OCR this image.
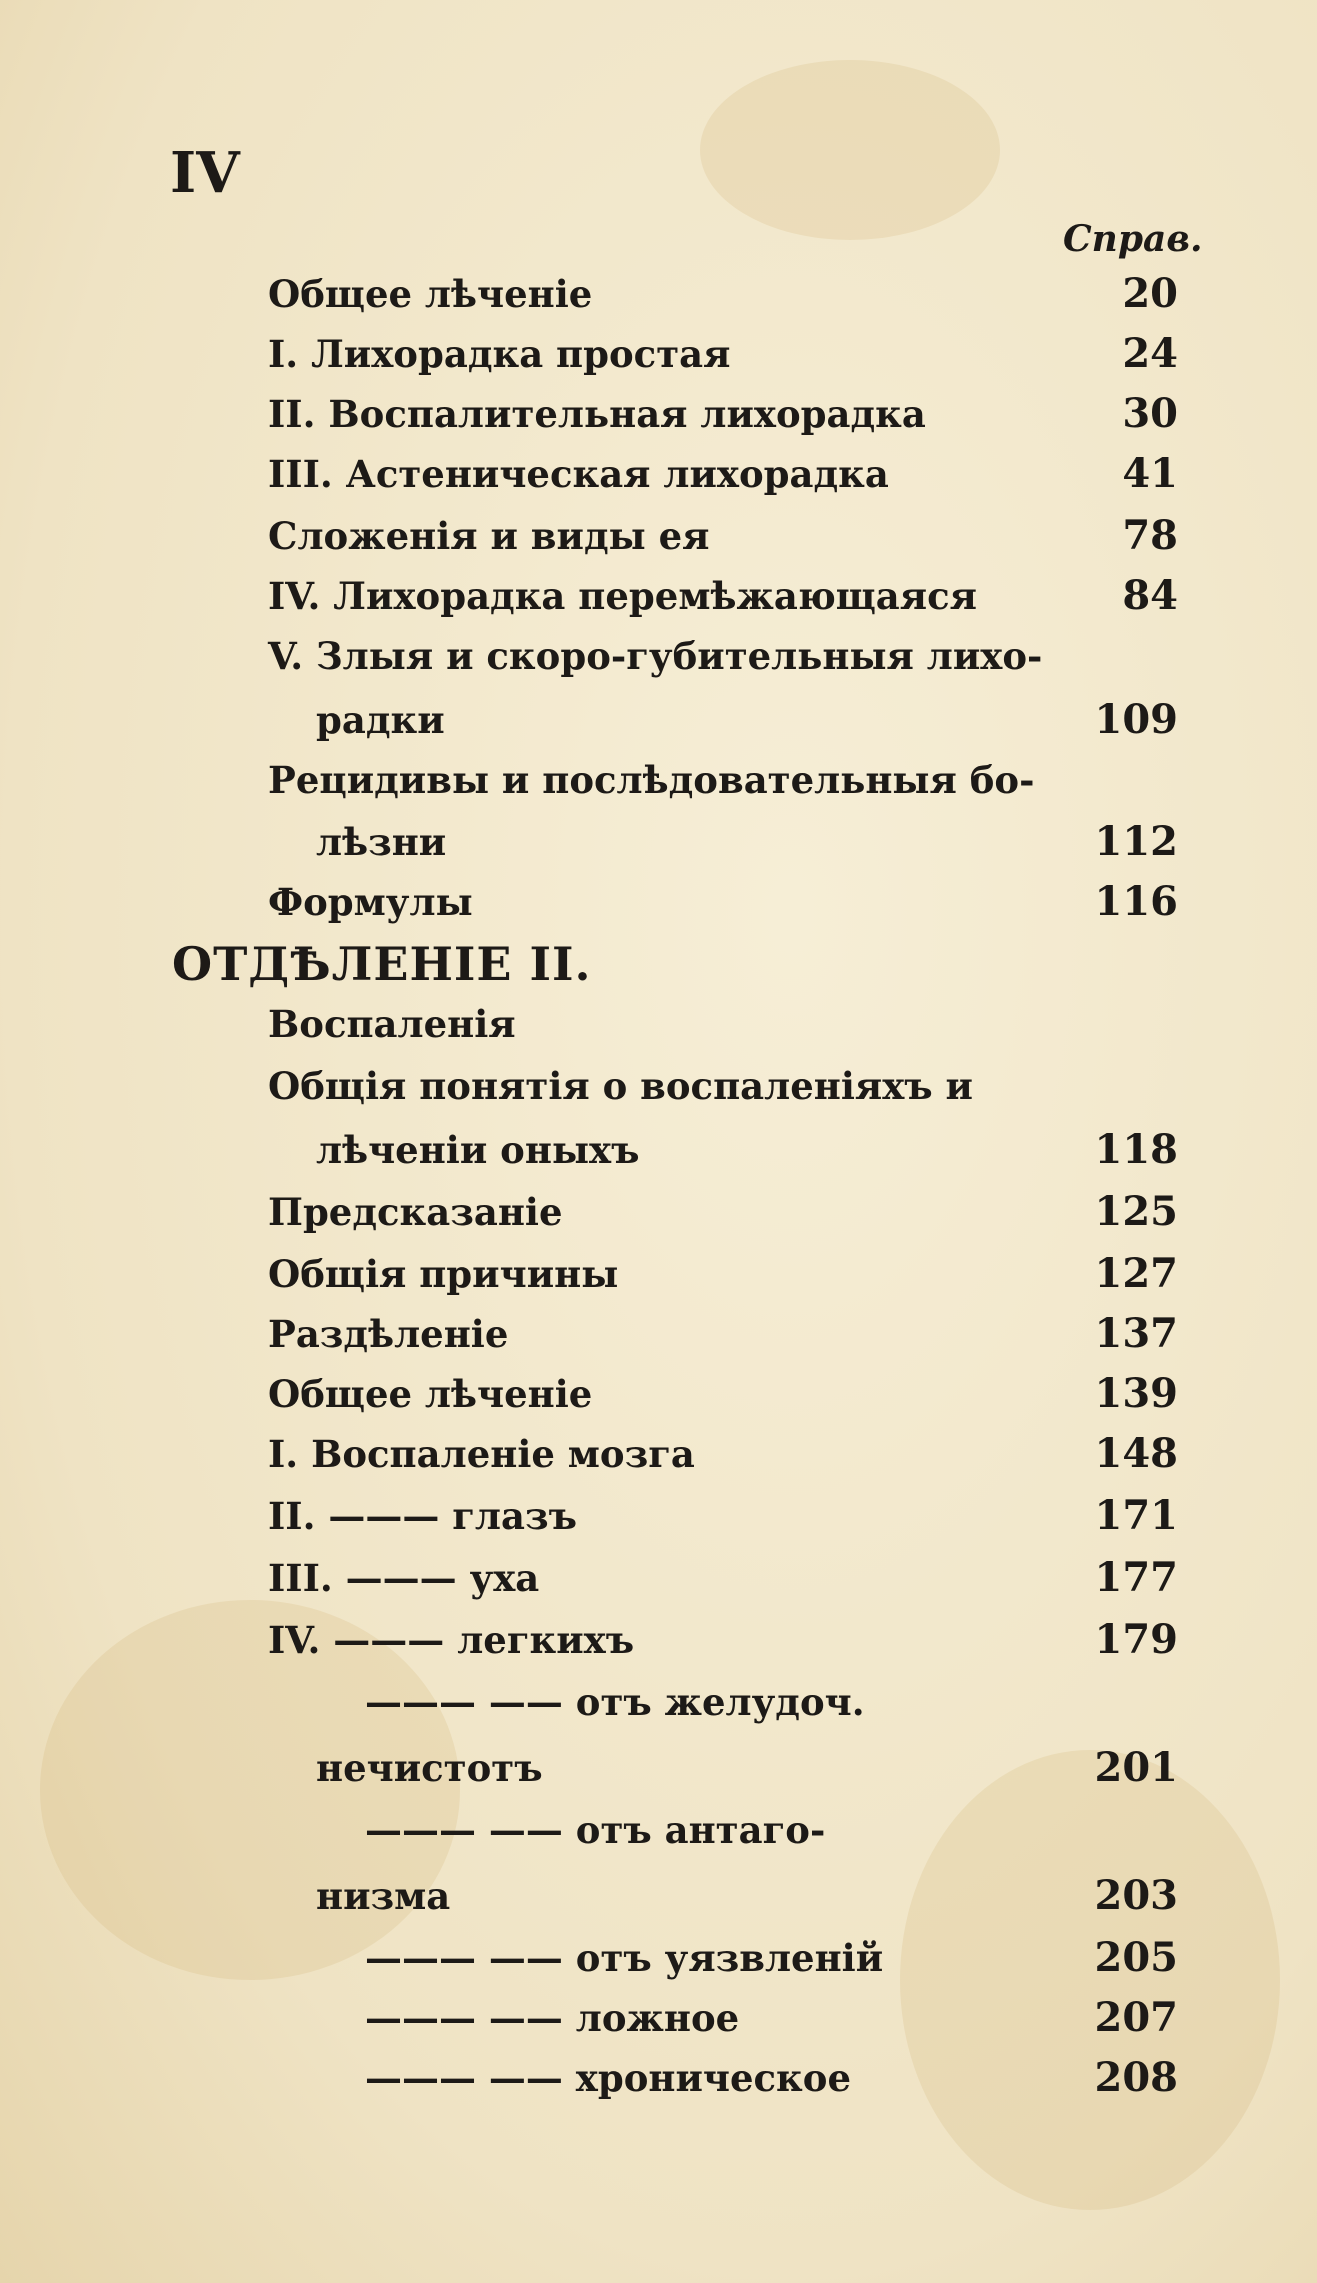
IV
Справ.
Общее лѣченіе	20
I. Лихорадка простая	24
II. Воспалительная лихорадка	30
III. Астеническая лихорадка	41
Сложенія и виды ея	78
IV. Лихорадка перемѣжающаяся	84
V. Злыя и скоро-губительныя лихо-
радки	109
Рецидивы и послѣдовательныя бо-
лѣзни	112
Формулы	116
ОТДѢЛЕНІЕ II.
Воспаленія
Общія понятія о воспаленіяхъ и
лѣченіи оныхъ	118
Предсказаніе	125
Общія причины	127
Раздѣленіе	137
Общее лѣченіе	139
I. Воспаленіе мозга	148
II. ——— глазъ	171
III. ——— уха	177
IV. ——— легкихъ	179
——— —— отъ желудоч.
нечистотъ	201
——— —— отъ антаго-
низма	203
——— —— отъ уязвленій	205
——— —— ложное	207
——— —— хроническое	208
